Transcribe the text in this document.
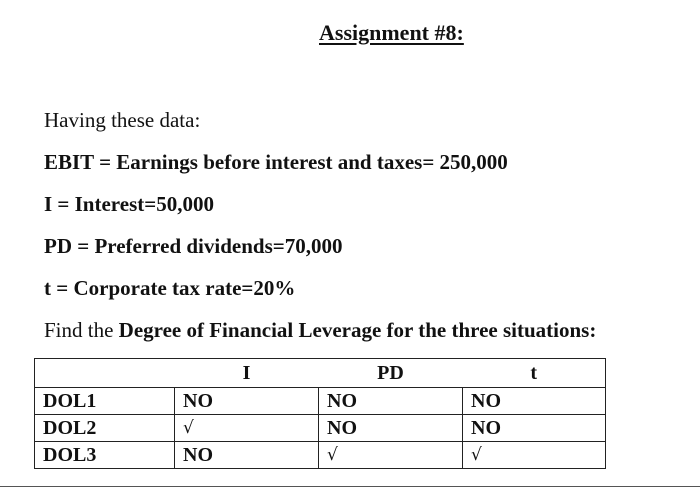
Assignment #8:
Having these data:
EBIT = Earnings before interest and taxes= 250,000
I = Interest=50,000
PD = Preferred dividends=70,000
t = Corporate tax rate=20%
Find the Degree of Financial Leverage for the three situations:
	I	PD	t
DOL1	NO	NO	NO
DOL2	√	NO	NO
DOL3	NO	√	√
